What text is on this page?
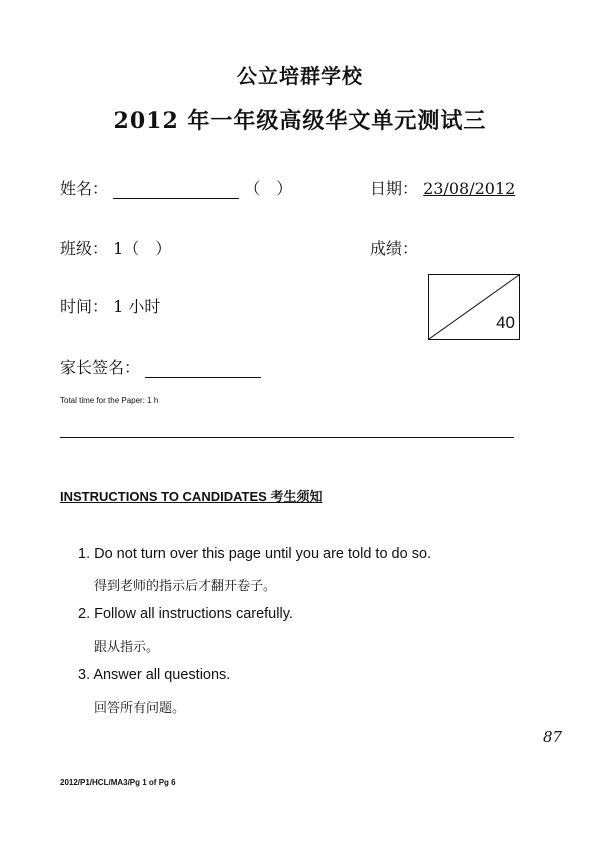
公立培群学校
2012 年一年级高级华文单元测试三
姓名：	（　）	日期： 23/08/2012
班级： 1（　）	成绩：
40
时间： 1 小时
家长签名：
Total time for the Paper: 1 h
INSTRUCTIONS TO CANDIDATES 考生须知
1. Do not turn over this page until you are told to do so.
得到老师的指示后才翻开卷子。
2. Follow all instructions carefully.
跟从指示。
3. Answer all questions.
回答所有问题。
87
2012/P1/HCL/MA3/Pg 1 of Pg 6
